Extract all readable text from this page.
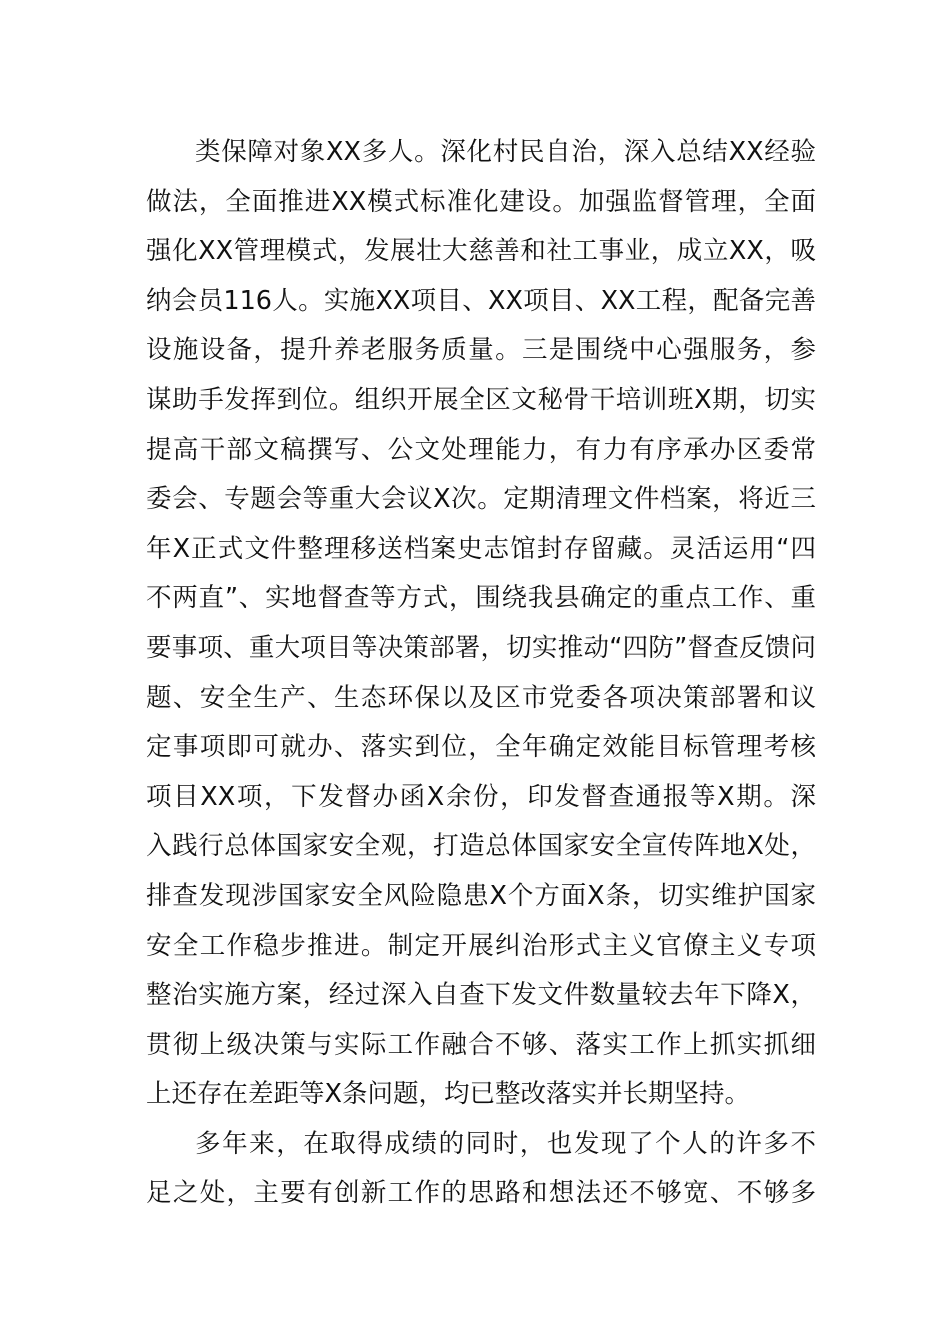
类保障对象XX多人。深化村民自治，深入总结XX经验
做法，全面推进XX模式标准化建设。加强监督管理，全面
强化XX管理模式，发展壮大慈善和社工事业，成立XX，吸
纳会员116人。实施XX项目、XX项目、XX工程，配备完善
设施设备，提升养老服务质量。三是围绕中心强服务，参
谋助手发挥到位。组织开展全区文秘骨干培训班X期，切实
提高干部文稿撰写、公文处理能力，有力有序承办区委常
委会、专题会等重大会议X次。定期清理文件档案，将近三
年X正式文件整理移送档案史志馆封存留藏。灵活运用“四
不两直”、实地督查等方式，围绕我县确定的重点工作、重
要事项、重大项目等决策部署，切实推动“四防”督查反馈问
题、安全生产、生态环保以及区市党委各项决策部署和议
定事项即可就办、落实到位，全年确定效能目标管理考核
项目XX项，下发督办函X余份，印发督查通报等X期。深
入践行总体国家安全观，打造总体国家安全宣传阵地X处，
排查发现涉国家安全风险隐患X个方面X条，切实维护国家
安全工作稳步推进。制定开展纠治形式主义官僚主义专项
整治实施方案，经过深入自查下发文件数量较去年下降X，
贯彻上级决策与实际工作融合不够、落实工作上抓实抓细
上还存在差距等X条问题，均已整改落实并长期坚持。
多年来，在取得成绩的同时，也发现了个人的许多不
足之处，主要有创新工作的思路和想法还不够宽、不够多
